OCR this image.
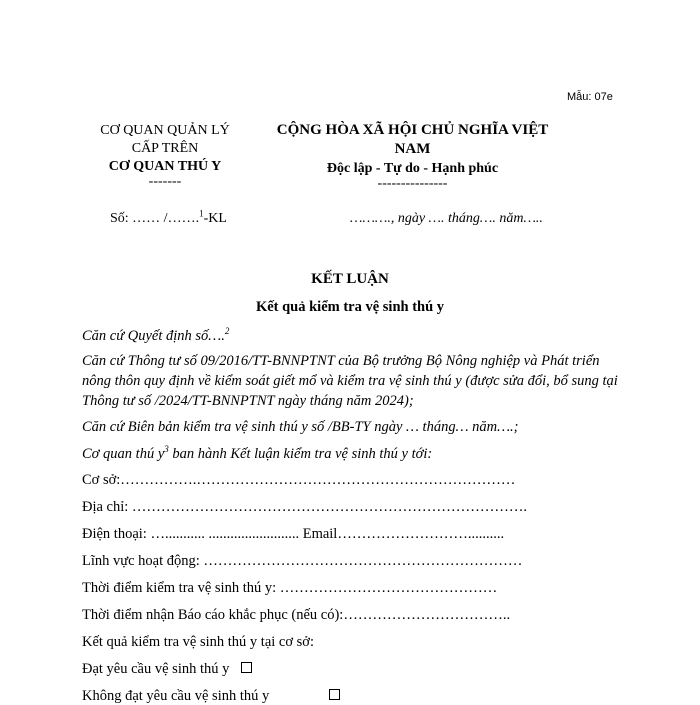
Mẫu: 07e
CƠ QUAN QUẢN LÝ
CẤP TRÊN
CƠ QUAN THÚ Y
-------
CỘNG HÒA XÃ HỘI CHỦ NGHĨA VIỆT
NAM
Độc lập - Tự do - Hạnh phúc
---------------
Số: …… /…….$^1$-KL	………., ngày …. tháng…. năm…..
KẾT LUẬN
Kết quả kiểm tra vệ sinh thú y
Căn cứ Quyết định số….$^2$
Căn cứ Thông tư số 09/2016/TT-BNNPTNT của Bộ trưởng Bộ Nông nghiệp và Phát triển nông thôn quy định về kiểm soát giết mổ và kiểm tra vệ sinh thú y (được sửa đổi, bổ sung tại Thông tư số /2024/TT-BNNPTNT ngày tháng năm 2024);
Căn cứ Biên bản kiểm tra vệ sinh thú y số /BB-TY ngày … tháng… năm….;
Cơ quan thú $y^3$ ban hành Kết luận kiểm tra vệ sinh thú y tới:
Cơ sở:…………….…………………………………………………………
Địa chỉ: ……………………………………………………………………….
Điện thoại: …........... ......................... Email………………………..........
Lĩnh vực hoạt động: …………………………………………………………
Thời điểm kiểm tra vệ sinh thú y: ………………………………………
Thời điểm nhận Báo cáo khắc phục (nếu có):……………………………..
Kết quả kiểm tra vệ sinh thú y tại cơ sở:
Đạt yêu cầu vệ sinh thú y
Không đạt yêu cầu vệ sinh thú y
